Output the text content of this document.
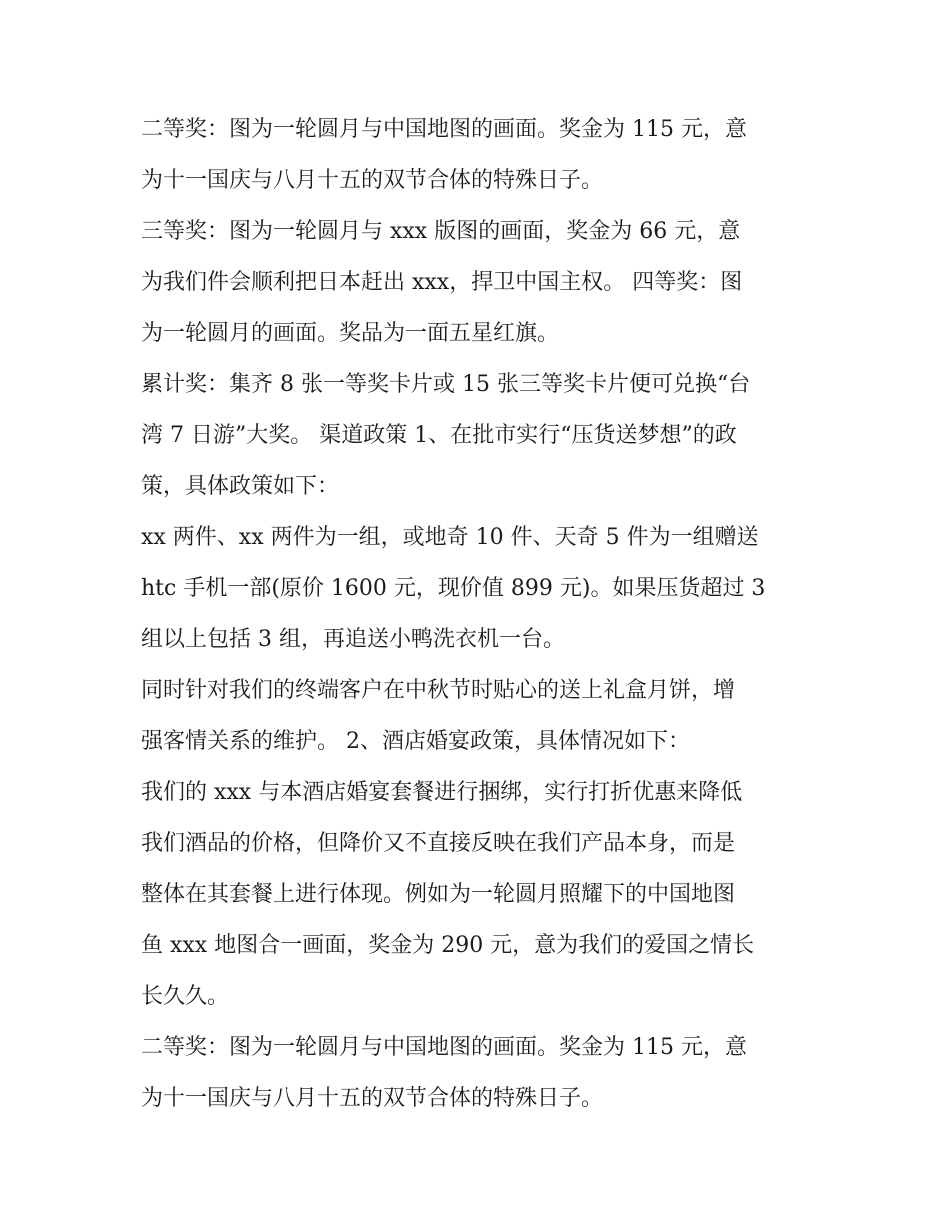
二等奖：图为一轮圆月与中国地图的画面。奖金为 115 元，意
为十一国庆与八月十五的双节合体的特殊日子。

三等奖：图为一轮圆月与 xxx 版图的画面，奖金为 66 元，意
为我们件会顺利把日本赶出 xxx，捍卫中国主权。 四等奖：图
为一轮圆月的画面。奖品为一面五星红旗。

累计奖：集齐 8 张一等奖卡片或 15 张三等奖卡片便可兑换“台
湾 7 日游”大奖。 渠道政策 1、在批市实行“压货送梦想”的政
策，具体政策如下：

xx 两件、xx 两件为一组，或地奇 10 件、天奇 5 件为一组赠送
htc 手机一部(原价 1600 元，现价值 899 元)。如果压货超过 3
组以上包括 3 组，再追送小鸭洗衣机一台。

同时针对我们的终端客户在中秋节时贴心的送上礼盒月饼，增
强客情关系的维护。 2、酒店婚宴政策，具体情况如下：

我们的 xxx 与本酒店婚宴套餐进行捆绑，实行打折优惠来降低
我们酒品的价格，但降价又不直接反映在我们产品本身，而是
整体在其套餐上进行体现。例如为一轮圆月照耀下的中国地图
鱼 xxx 地图合一画面，奖金为 290 元，意为我们的爱国之情长
长久久。

二等奖：图为一轮圆月与中国地图的画面。奖金为 115 元，意
为十一国庆与八月十五的双节合体的特殊日子。
